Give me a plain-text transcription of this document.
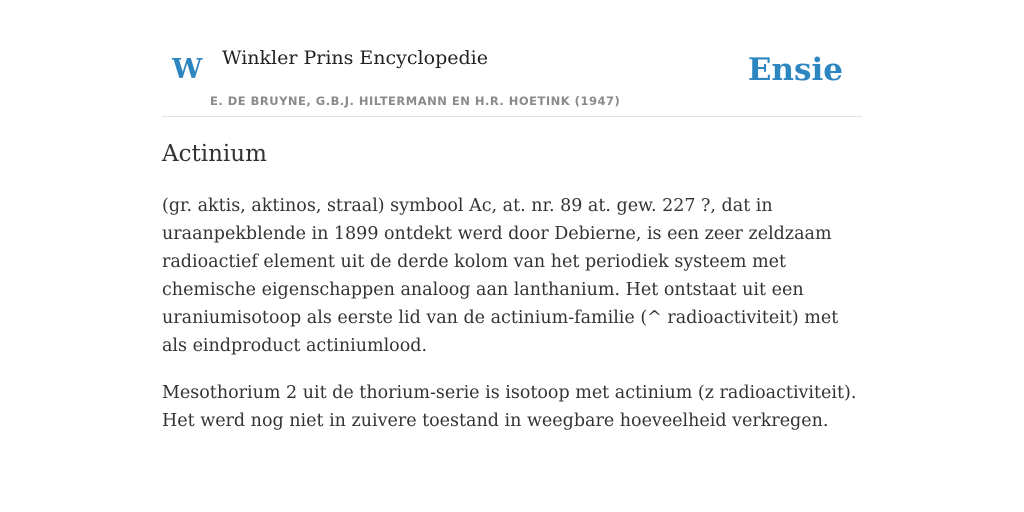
W Winkler Prins Encyclopedie
E. DE BRUYNE, G.B.J. HILTERMANN EN H.R. HOETINK (1947)
Ensie
Actinium

(gr. aktis, aktinos, straal) symbool Ac, at. nr. 89 at. gew. 227 ?, dat in uraanpekblende in 1899 ontdekt werd door Debierne, is een zeer zeldzaam radioactief element uit de derde kolom van het periodiek systeem met chemische eigenschappen analoog aan lanthanium. Het ontstaat uit een uraniumisotoop als eerste lid van de actinium-familie (^ radioactiviteit) met als eindproduct actiniumlood.

Mesothorium 2 uit de thorium-serie is isotoop met actinium (z radioactiviteit). Het werd nog niet in zuivere toestand in weegbare hoeveelheid verkregen.
